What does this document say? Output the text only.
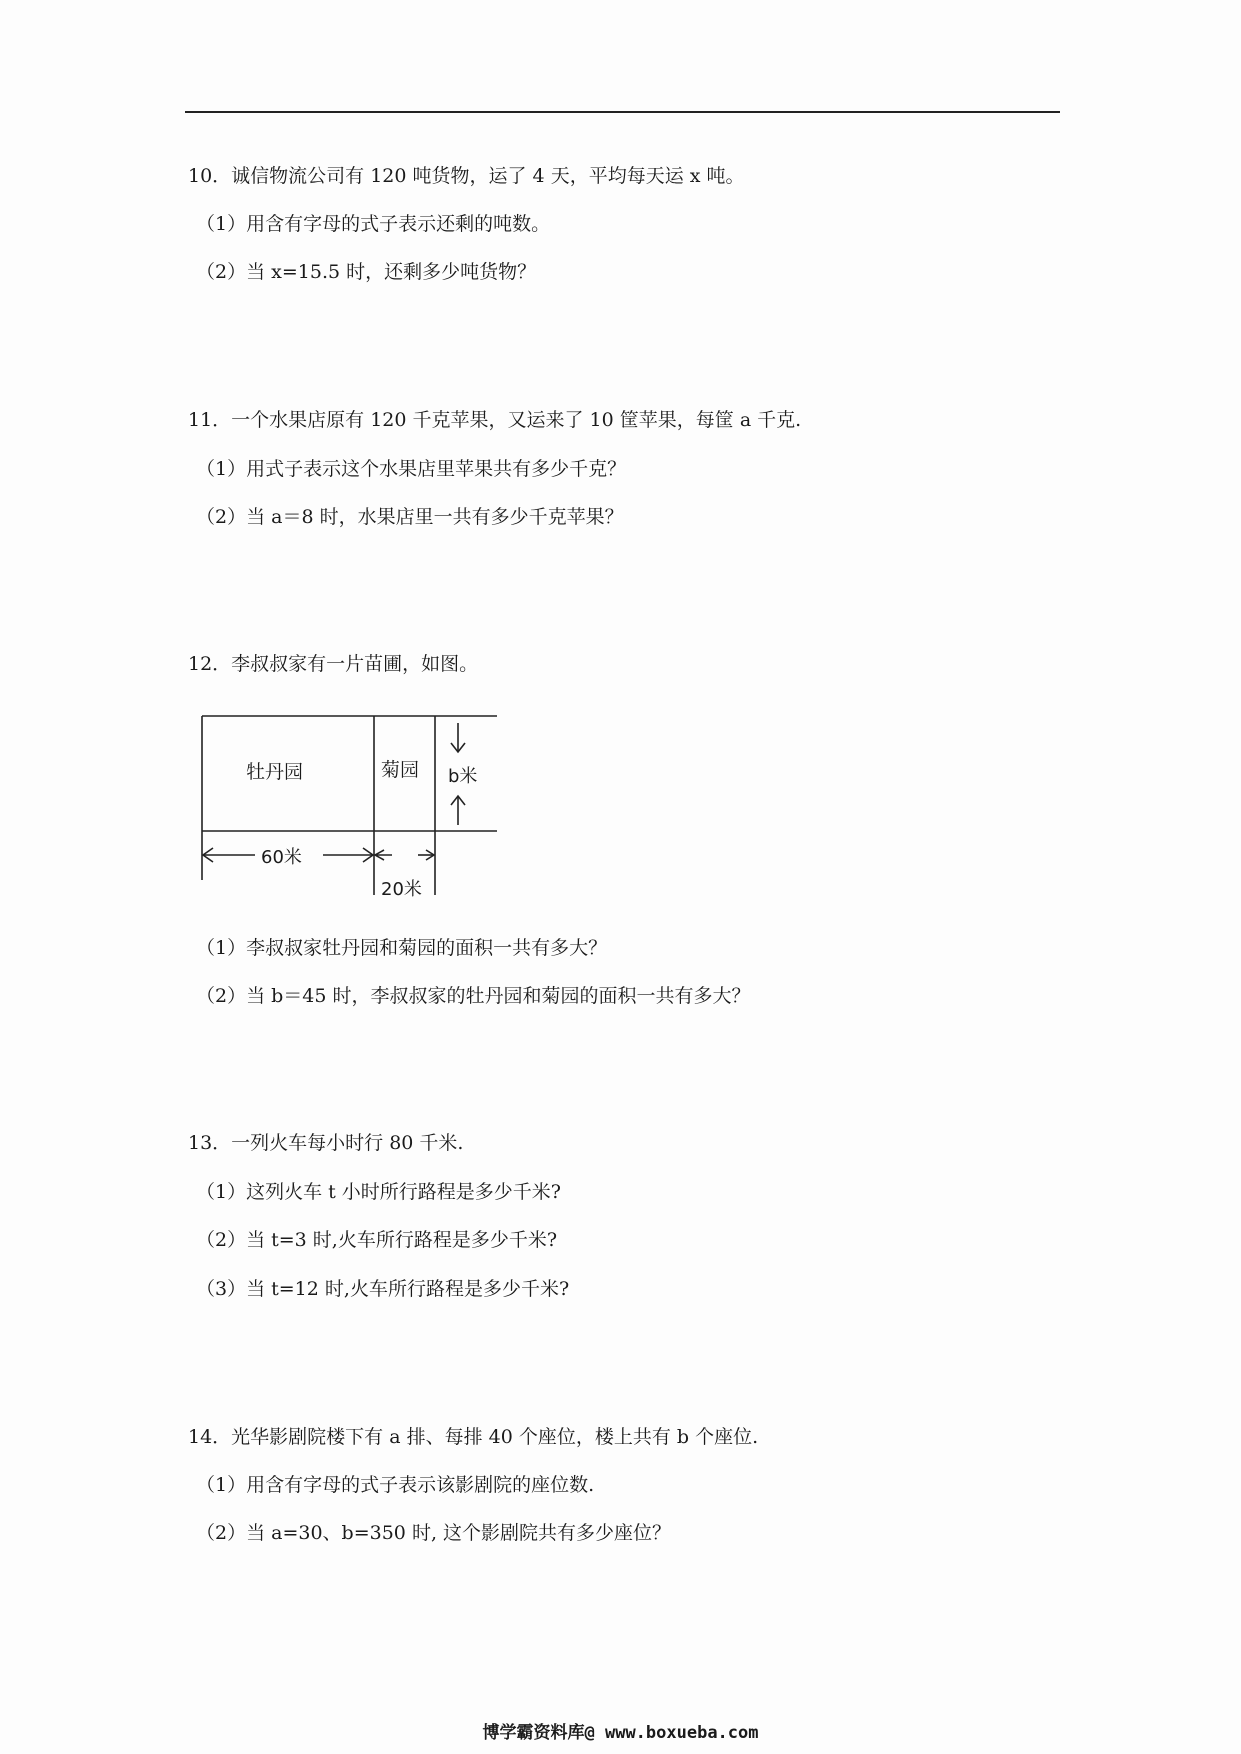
10．诚信物流公司有 120 吨货物，运了 4 天，平均每天运 x 吨。
（1）用含有字母的式子表示还剩的吨数。
（2）当 x=15.5 时，还剩多少吨货物？
11．一个水果店原有 120 千克苹果，又运来了 10 筐苹果，每筐 a 千克.
（1）用式子表示这个水果店里苹果共有多少千克？
（2）当 a＝8 时，水果店里一共有多少千克苹果？
12．李叔叔家有一片苗圃，如图。
牡丹园	菊园 b米
60米
20米
（1）李叔叔家牡丹园和菊园的面积一共有多大？
（2）当 b＝45 时，李叔叔家的牡丹园和菊园的面积一共有多大？
13．一列火车每小时行 80 千米.
（1）这列火车 t 小时所行路程是多少千米?
（2）当 t=3 时,火车所行路程是多少千米?
（3）当 t=12 时,火车所行路程是多少千米?
14．光华影剧院楼下有 a 排、每排 40 个座位，楼上共有 b 个座位.
（1）用含有字母的式子表示该影剧院的座位数.
（2）当 a=30、b=350 时, 这个影剧院共有多少座位？
博学霸资料库@ www.boxueba.com
